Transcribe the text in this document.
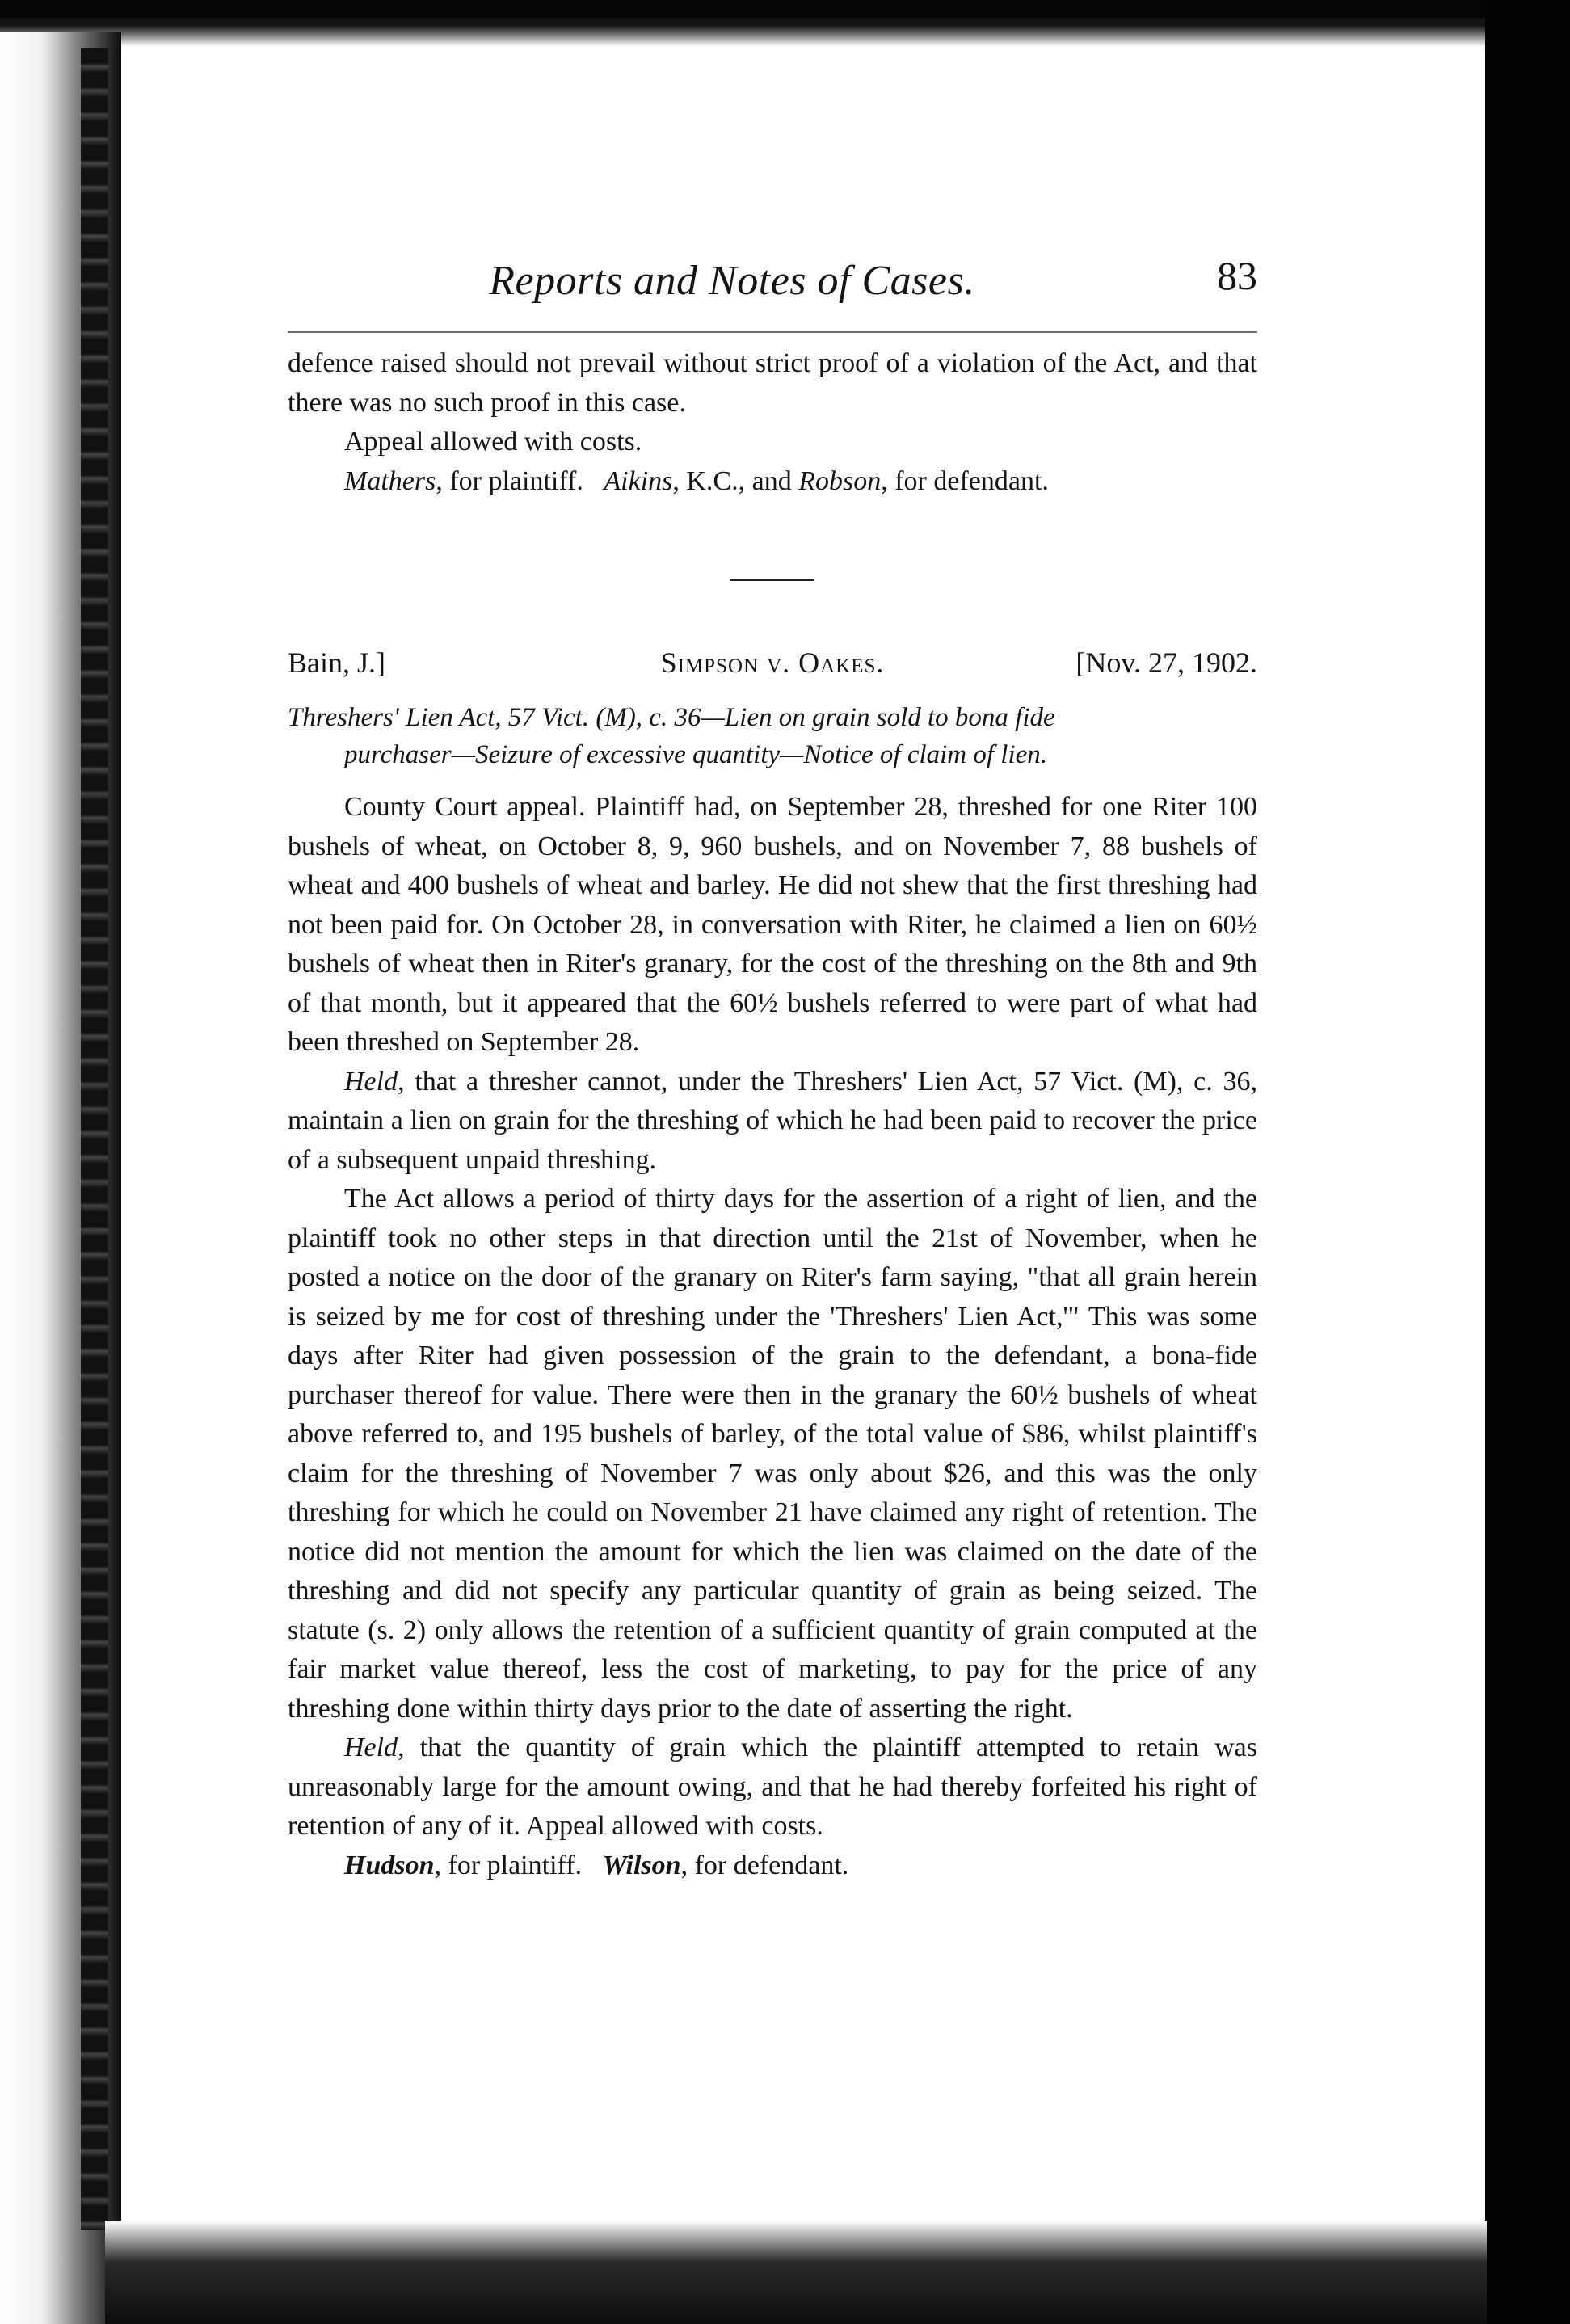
Reports and Notes of Cases.	83

defence raised should not prevail without strict proof of a violation of the Act, and that there was no such proof in this case.

Appeal allowed with costs.

Mathers, for plaintiff. Aikins, K.C., and Robson, for defendant.

Bain, J.]	Simpson v. Oakes.	[Nov. 27, 1902.
Threshers' Lien Act, 57 Vict. (M), c. 36—Lien on grain sold to bona fide
purchaser—Seizure of excessive quantity—Notice of claim of lien.

County Court appeal. Plaintiff had, on September 28, threshed for one Riter 100 bushels of wheat, on October 8, 9, 960 bushels, and on November 7, 88 bushels of wheat and 400 bushels of wheat and barley. He did not shew that the first threshing had not been paid for. On October 28, in conversation with Riter, he claimed a lien on 60½ bushels of wheat then in Riter's granary, for the cost of the threshing on the 8th and 9th of that month, but it appeared that the 60½ bushels referred to were part of what had been threshed on September 28.

Held, that a thresher cannot, under the Threshers' Lien Act, 57 Vict. (M), c. 36, maintain a lien on grain for the threshing of which he had been paid to recover the price of a subsequent unpaid threshing.

The Act allows a period of thirty days for the assertion of a right of lien, and the plaintiff took no other steps in that direction until the 21st of November, when he posted a notice on the door of the granary on Riter's farm saying, "that all grain herein is seized by me for cost of threshing under the 'Threshers' Lien Act,'" This was some days after Riter had given possession of the grain to the defendant, a bona-fide purchaser thereof for value. There were then in the granary the 60½ bushels of wheat above referred to, and 195 bushels of barley, of the total value of $86, whilst plaintiff's claim for the threshing of November 7 was only about $26, and this was the only threshing for which he could on November 21 have claimed any right of retention. The notice did not mention the amount for which the lien was claimed on the date of the threshing and did not specify any particular quantity of grain as being seized. The statute (s. 2) only allows the retention of a sufficient quantity of grain computed at the fair market value thereof, less the cost of marketing, to pay for the price of any threshing done within thirty days prior to the date of asserting the right.

Held, that the quantity of grain which the plaintiff attempted to retain was unreasonably large for the amount owing, and that he had thereby forfeited his right of retention of any of it. Appeal allowed with costs.

Hudson, for plaintiff. Wilson, for defendant.
